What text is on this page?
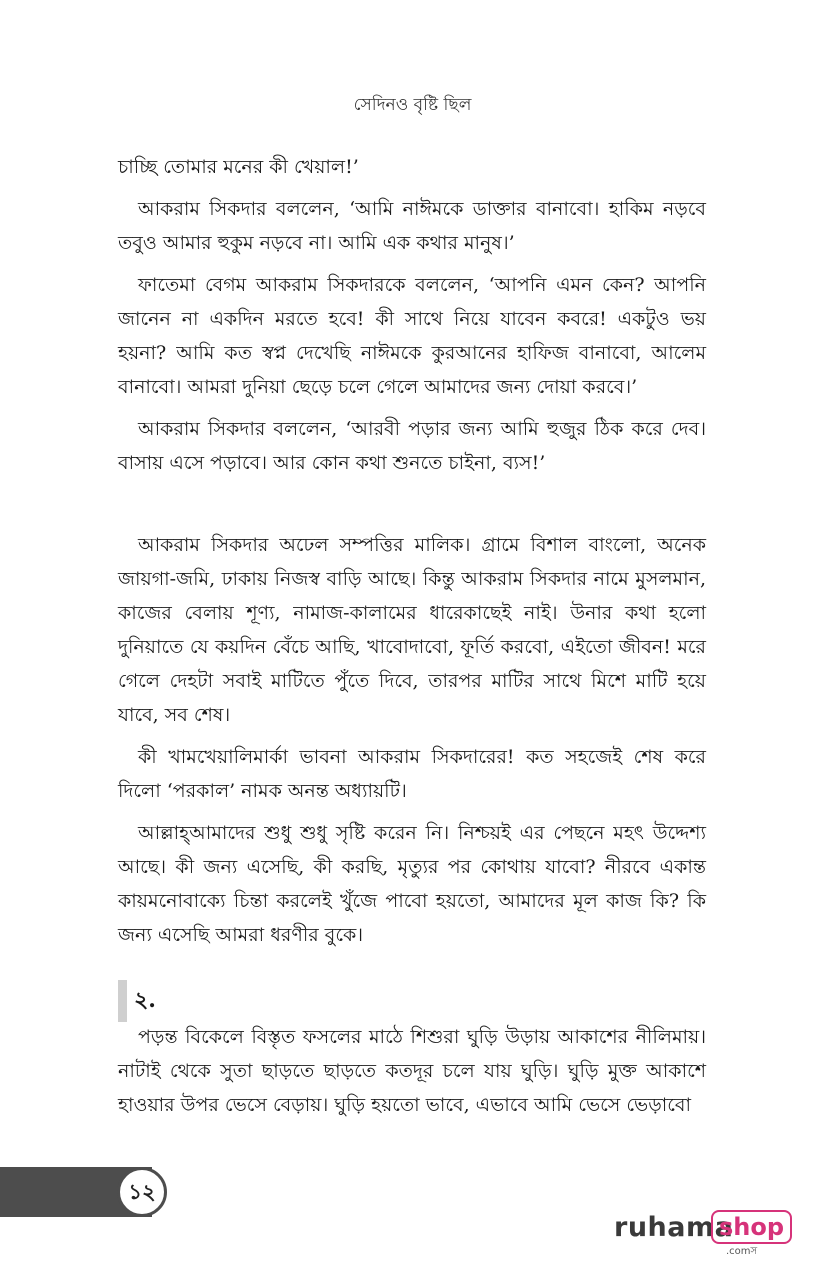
সেদিনও বৃষ্টি ছিল

চাচ্ছি তোমার মনের কী খেয়াল!’

আকরাম সিকদার বললেন, ‘আমি নাঈমকে ডাক্তার বানাবো। হাকিম নড়বে তবুও আমার হুকুম নড়বে না। আমি এক কথার মানুষ।’

ফাতেমা বেগম আকরাম সিকদারকে বললেন, ‘আপনি এমন কেন? আপনি জানেন না একদিন মরতে হবে! কী সাথে নিয়ে যাবেন কবরে! একটুও ভয় হয়না? আমি কত স্বপ্ন দেখেছি নাঈমকে কুরআনের হাফিজ বানাবো, আলেম বানাবো। আমরা দুনিয়া ছেড়ে চলে গেলে আমাদের জন্য দোয়া করবে।’

আকরাম সিকদার বললেন, ‘আরবী পড়ার জন্য আমি হুজুর ঠিক করে দেব। বাসায় এসে পড়াবে। আর কোন কথা শুনতে চাইনা, ব্যস!’

আকরাম সিকদার অঢেল সম্পত্তির মালিক। গ্রামে বিশাল বাংলো, অনেক জায়গা-জমি, ঢাকায় নিজস্ব বাড়ি আছে। কিন্তু আকরাম সিকদার নামে মুসলমান, কাজের বেলায় শূণ্য, নামাজ-কালামের ধারেকাছেই নাই। উনার কথা হলো দুনিয়াতে যে কয়দিন বেঁচে আছি, খাবোদাবো, ফূর্তি করবো, এইতো জীবন! মরে গেলে দেহটা সবাই মাটিতে পুঁতে দিবে, তারপর মাটির সাথে মিশে মাটি হয়ে যাবে, সব শেষ।

কী খামখেয়ালিমার্কা ভাবনা আকরাম সিকদারের! কত সহজেই শেষ করে দিলো ‘পরকাল’ নামক অনন্ত অধ্যায়টি।

আল্লাহ্আমাদের শুধু শুধু সৃষ্টি করেন নি। নিশ্চয়ই এর পেছনে মহৎ উদ্দেশ্য আছে। কী জন্য এসেছি, কী করছি, মৃত্যুর পর কোথায় যাবো? নীরবে একান্ত কায়মনোবাক্যে চিন্তা করলেই খুঁজে পাবো হয়তো, আমাদের মূল কাজ কি? কি জন্য এসেছি আমরা ধরণীর বুকে।

২.

পড়ন্ত বিকেলে বিস্তৃত ফসলের মাঠে শিশুরা ঘুড়ি উড়ায় আকাশের নীলিমায়। নাটাই থেকে সুতা ছাড়তে ছাড়তে কতদূর চলে যায় ঘুড়ি। ঘুড়ি মুক্ত আকাশে হাওয়ার উপর ভেসে বেড়ায়। ঘুড়ি হয়তো ভাবে, এভাবে আমি ভেসে ভেড়াবো

১২
ruhama
shop
.comস
